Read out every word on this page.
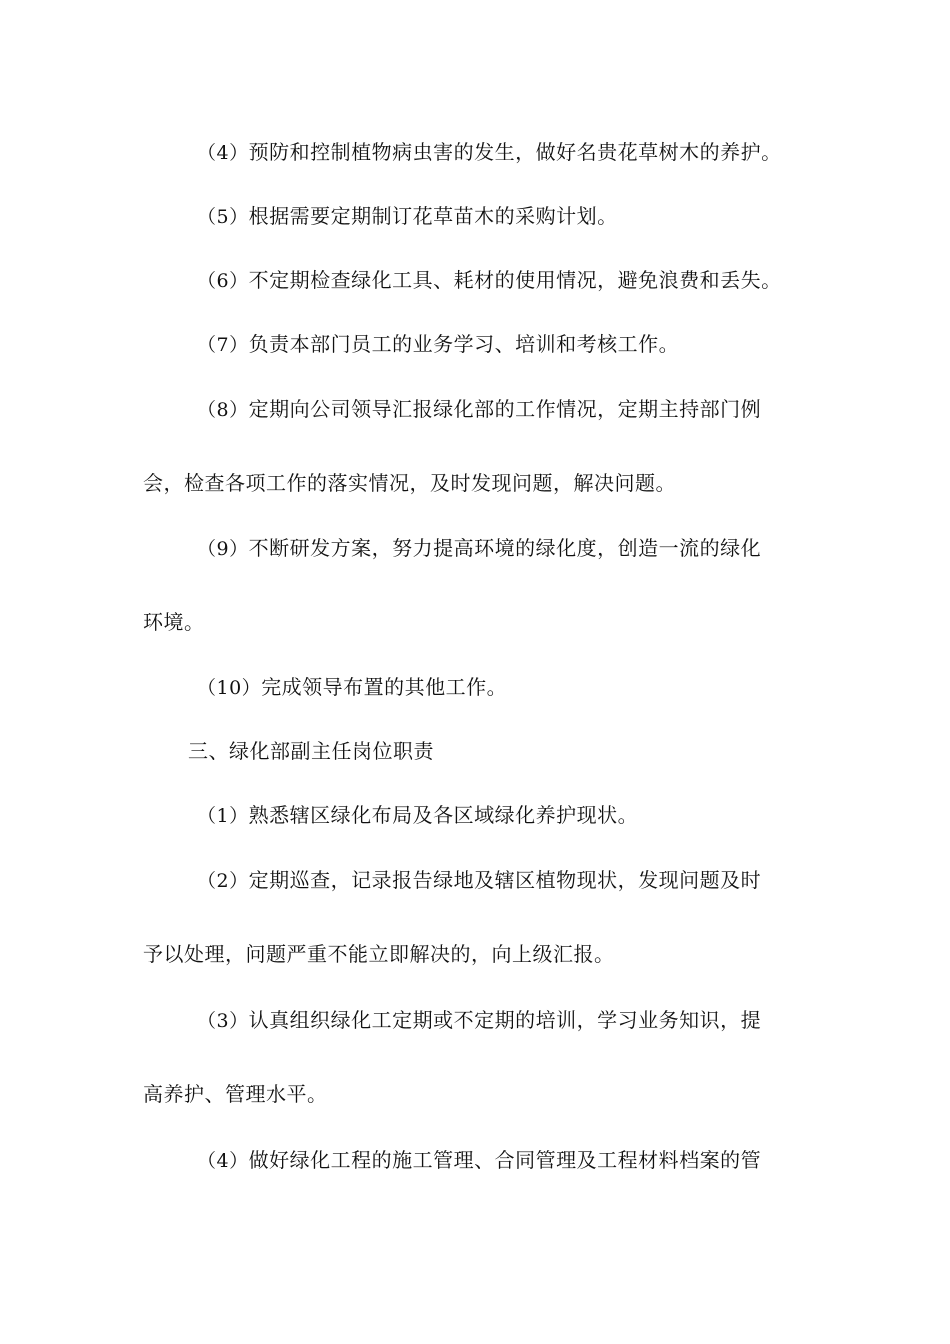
（4）预防和控制植物病虫害的发生，做好名贵花草树木的养护。
（5）根据需要定期制订花草苗木的采购计划。
（6）不定期检查绿化工具、耗材的使用情况，避免浪费和丢失。
（7）负责本部门员工的业务学习、培训和考核工作。
（8）定期向公司领导汇报绿化部的工作情况，定期主持部门例
会，检查各项工作的落实情况，及时发现问题，解决问题。
（9）不断研发方案，努力提高环境的绿化度，创造一流的绿化
环境。
（10）完成领导布置的其他工作。
三、绿化部副主任岗位职责
（1）熟悉辖区绿化布局及各区域绿化养护现状。
（2）定期巡查，记录报告绿地及辖区植物现状，发现问题及时
予以处理，问题严重不能立即解决的，向上级汇报。
（3）认真组织绿化工定期或不定期的培训，学习业务知识，提
高养护、管理水平。
（4）做好绿化工程的施工管理、合同管理及工程材料档案的管
